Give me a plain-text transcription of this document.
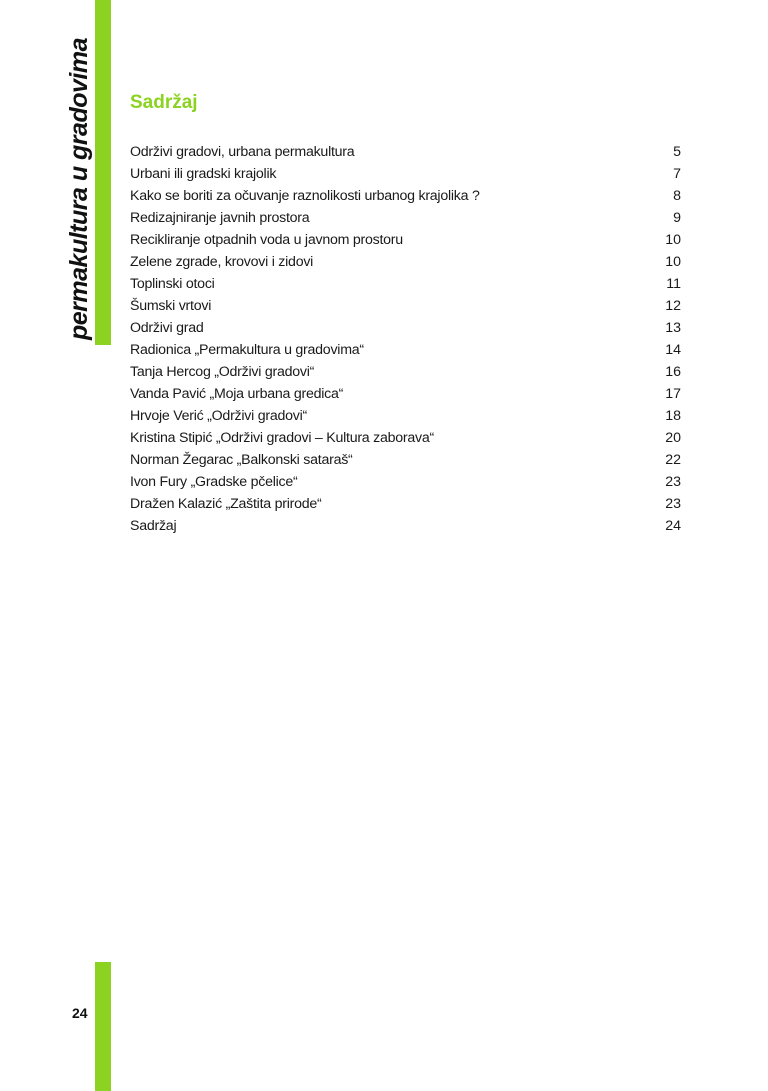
permakultura u gradovima Sadržaj
Održivi gradovi, urbana permakultura	5
Urbani ili gradski krajolik	7
Kako se boriti za očuvanje raznolikosti urbanog krajolika ?	8
Redizajniranje javnih prostora	9
Recikliranje otpadnih voda u javnom prostoru	10
Zelene zgrade, krovovi i zidovi	10
Toplinski otoci	11
Šumski vrtovi	12
Održivi grad	13
Radionica „Permakultura u gradovima“	14
Tanja Hercog „Održivi gradovi“	16
Vanda Pavić „Moja urbana gredica“	17
Hrvoje Verić „Održivi gradovi“	18
Kristina Stipić „Održivi gradovi – Kultura zaborava“	20
Norman Žegarac „Balkonski sataraš“	22
Ivon Fury „Gradske pčelice“	23
Dražen Kalazić „Zaštita prirode“	23
Sadržaj	24
24
